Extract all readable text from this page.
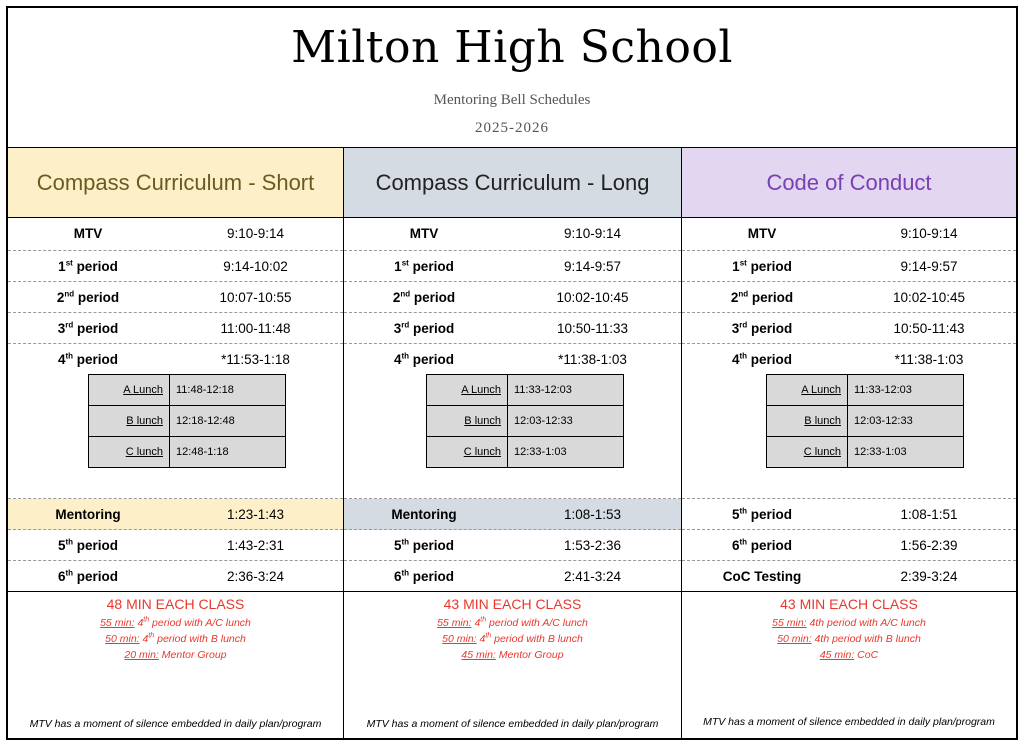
Milton High School
Mentoring Bell Schedules
2025-2026
Compass Curriculum - Short
MTV	9:10-9:14
1st period	9:14-10:02
2nd period	10:07-10:55
3rd period	11:00-11:48
4th period	*11:53-1:18
A Lunch	11:48-12:18
B lunch	12:18-12:48
C lunch	12:48-1:18
Mentoring	1:23-1:43
5th period	1:43-2:31
6th period	2:36-3:24
48 MIN EACH CLASS
55 min: 4th period with A/C lunch
50 min: 4th period with B lunch
20 min: Mentor Group
MTV has a moment of silence embedded in daily plan/program
Compass Curriculum - Long
MTV	9:10-9:14
1st period	9:14-9:57
2nd period	10:02-10:45
3rd period	10:50-11:33
4th period	*11:38-1:03
A Lunch	11:33-12:03
B lunch	12:03-12:33
C lunch	12:33-1:03
Mentoring	1:08-1:53
5th period	1:53-2:36
6th period	2:41-3:24
43 MIN EACH CLASS
55 min: 4th period with A/C lunch
50 min: 4th period with B lunch
45 min: Mentor Group
MTV has a moment of silence embedded in daily plan/program
Code of Conduct
MTV	9:10-9:14
1st period	9:14-9:57
2nd period	10:02-10:45
3rd period	10:50-11:43
4th period	*11:38-1:03
A Lunch	11:33-12:03
B lunch	12:03-12:33
C lunch	12:33-1:03
5th period	1:08-1:51
6th period	1:56-2:39
CoC Testing	2:39-3:24
43 MIN EACH CLASS
55 min: 4th period with A/C lunch
50 min: 4th period with B lunch
45 min: CoC
MTV has a moment of silence embedded in daily plan/program
